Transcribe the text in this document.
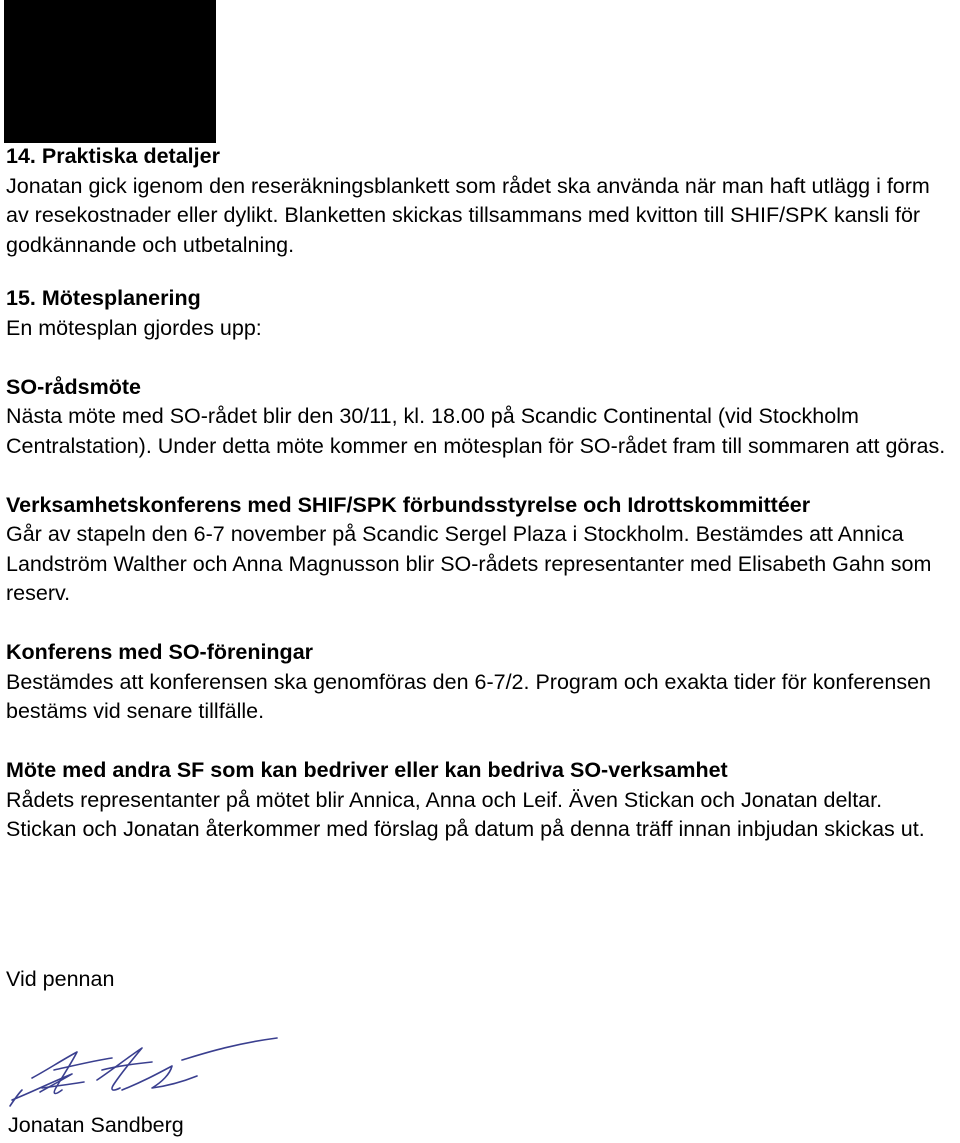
14. Praktiska detaljer

Jonatan gick igenom den reseräkningsblankett som rådet ska använda när man haft utlägg i form av resekostnader eller dylikt. Blanketten skickas tillsammans med kvitton till SHIF/SPK kansli för godkännande och utbetalning.

15. Mötesplanering

En mötesplan gjordes upp:

SO-rådsmöte

Nästa möte med SO-rådet blir den 30/11, kl. 18.00 på Scandic Continental (vid Stockholm Centralstation). Under detta möte kommer en mötesplan för SO-rådet fram till sommaren att göras.

Verksamhetskonferens med SHIF/SPK förbundsstyrelse och Idrottskommittéer

Går av stapeln den 6-7 november på Scandic Sergel Plaza i Stockholm. Bestämdes att Annica Landström Walther och Anna Magnusson blir SO-rådets representanter med Elisabeth Gahn som reserv.

Konferens med SO-föreningar

Bestämdes att konferensen ska genomföras den 6-7/2. Program och exakta tider för konferensen bestäms vid senare tillfälle.

Möte med andra SF som kan bedriver eller kan bedriva SO-verksamhet

Rådets representanter på mötet blir Annica, Anna och Leif. Även Stickan och Jonatan deltar. Stickan och Jonatan återkommer med förslag på datum på denna träff innan inbjudan skickas ut.

Vid pennan
Jonatan Sandberg
